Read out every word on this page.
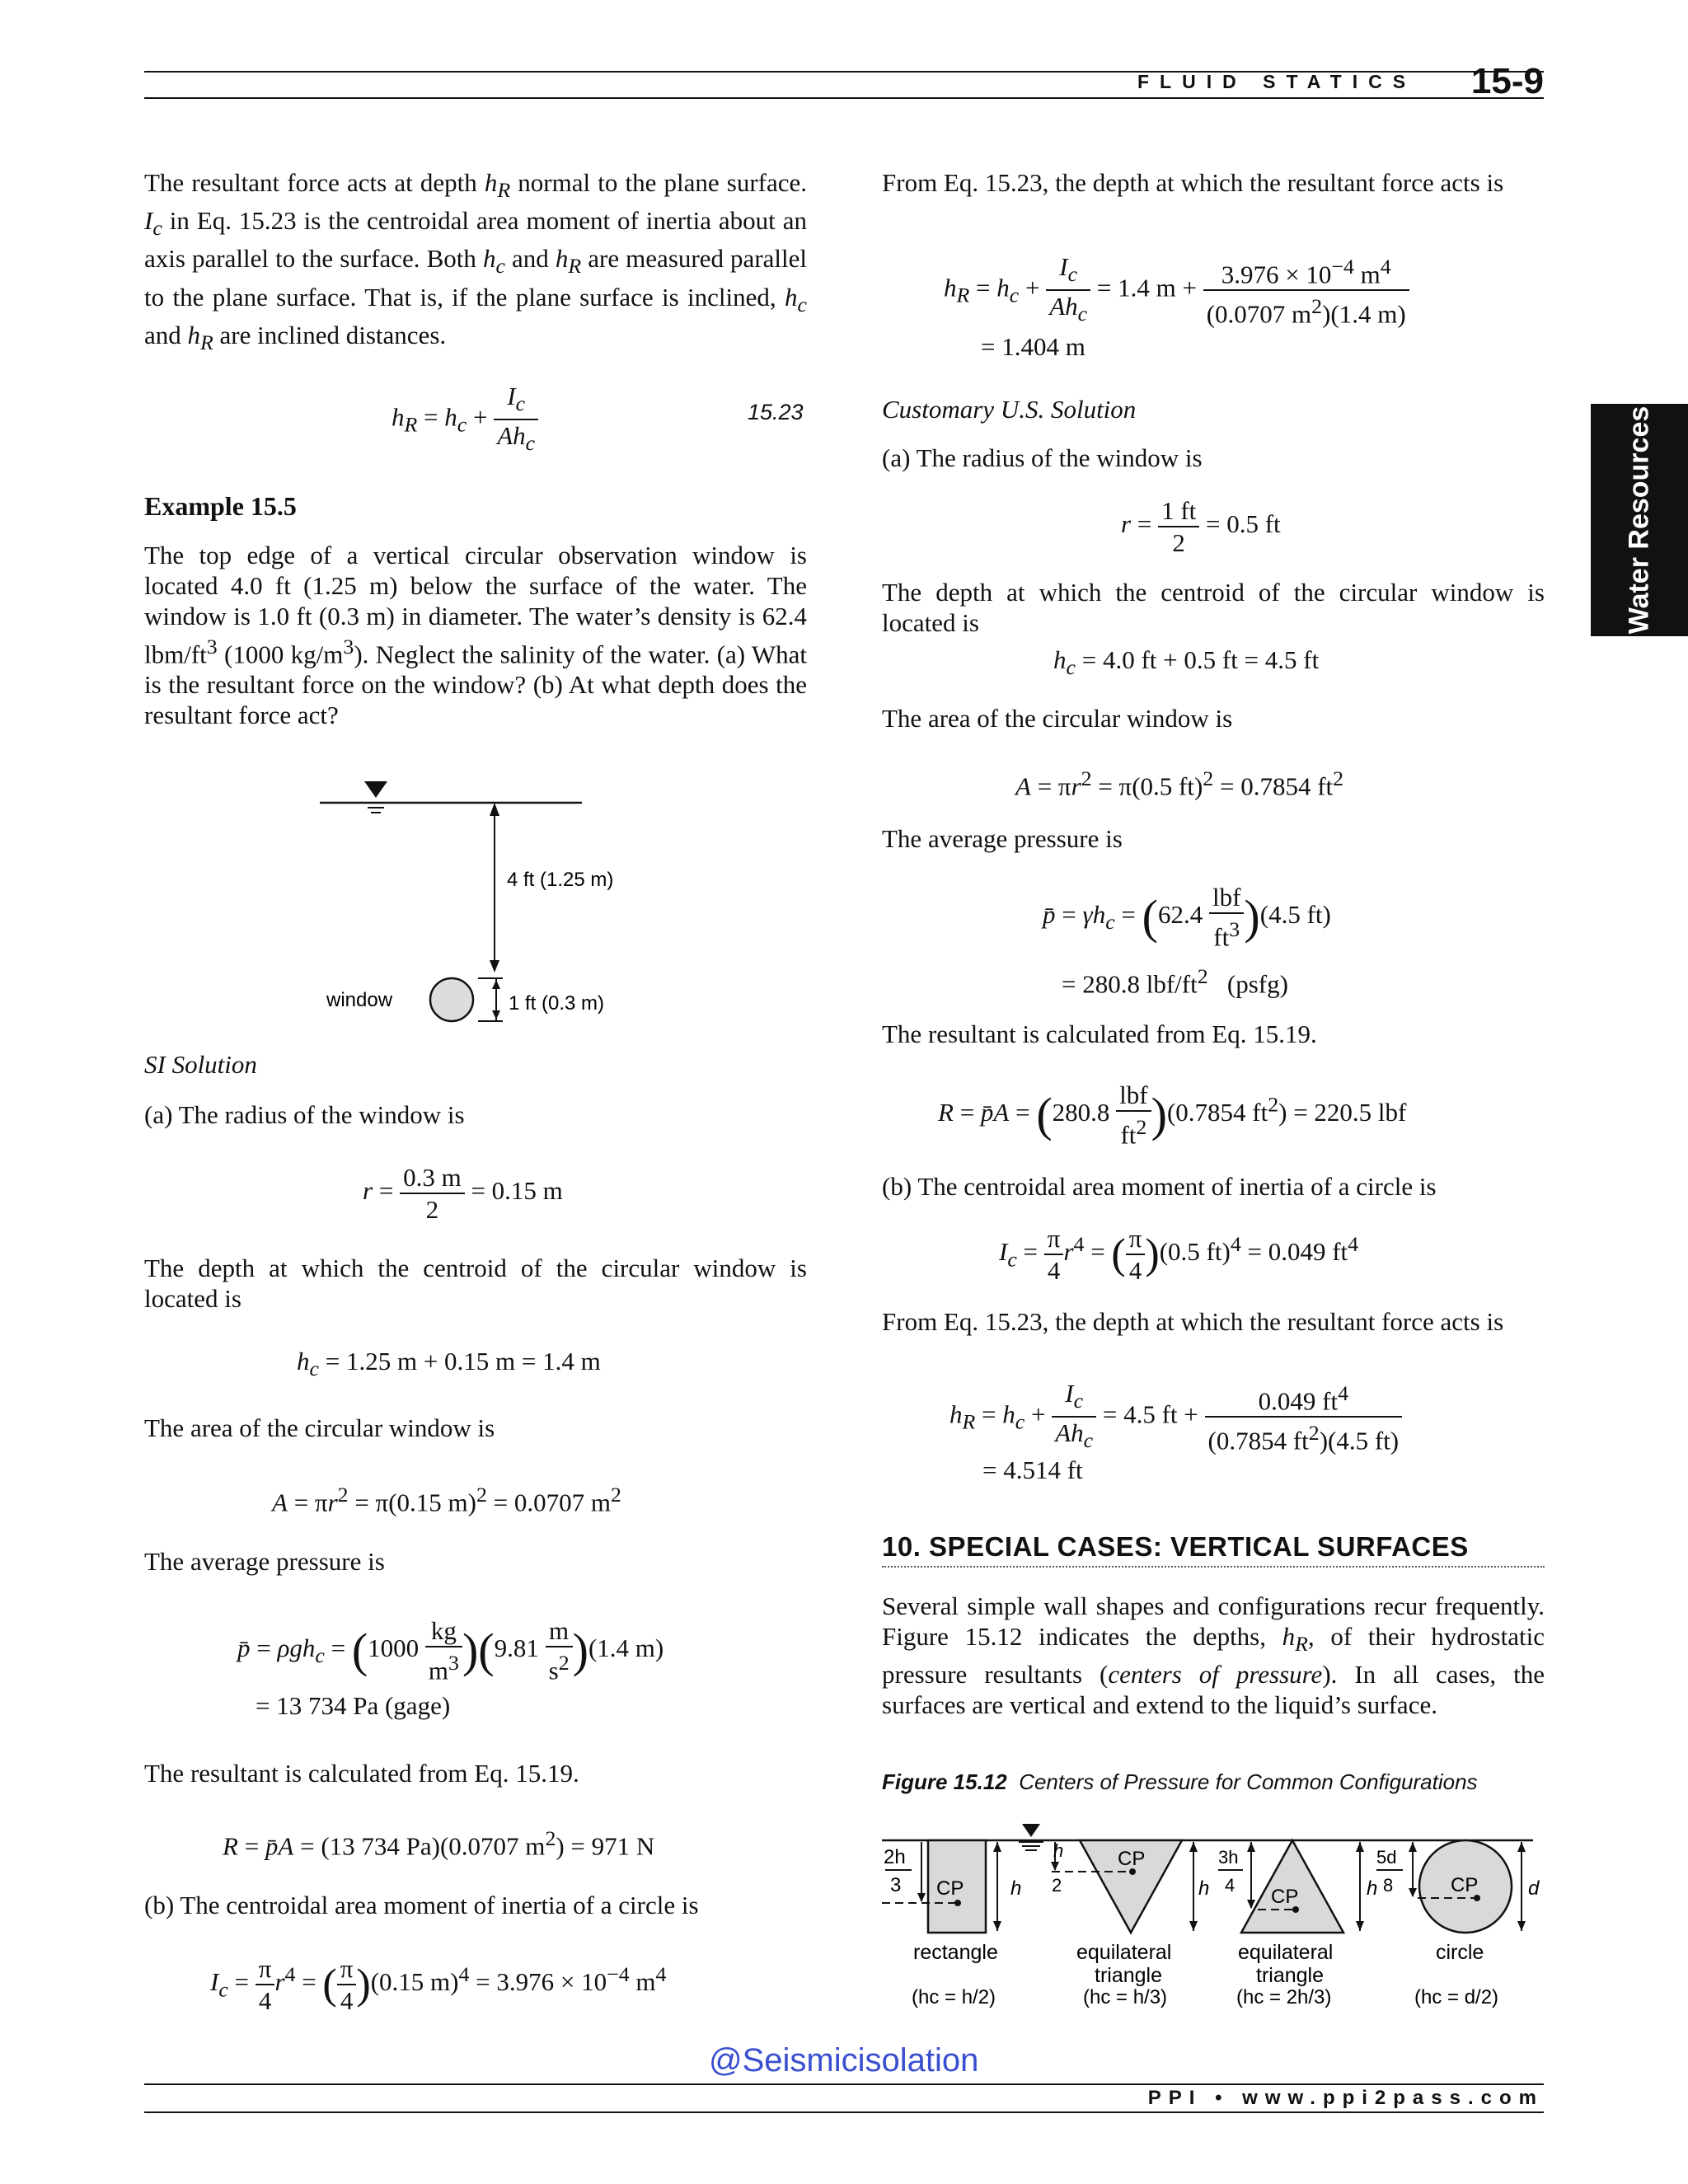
FLUID STATICS 15-9
Water Resources
The resultant force acts at depth $h_R$ normal to the plane surface. $I_c$ in Eq. 15.23 is the centroidal area moment of inertia about an axis parallel to the surface. Both $h_c$ and $h_R$ are measured parallel to the plane surface. That is, if the plane surface is inclined, $h_c$ and $h_R$ are inclined distances.
$h_R = h_c + \frac{I_c}{Ah_c}$	15.23
Example 15.5
The top edge of a vertical circular observation window is located 4.0 ft (1.25 m) below the surface of the water. The window is 1.0 ft (0.3 m) in diameter. The water’s density is 62.4 lbm/$ft^3$ (1000 $kg/m^3$). Neglect the salinity of the water. (a) What is the resultant force on the window? (b) At what depth does the resultant force act?
4 ft (1.25 m)
window	1 ft (0.3 m)
SI Solution
(a) The radius of the window is
$r = \frac{0.3 m}{2} = 0.15$ m
The depth at which the centroid of the circular window is located is
$h_c = 1.25$ m + 0.15 m = 1.4 m
The area of the circular window is
$A = \pi r^2 = \pi(0.15$ m)$^2$ = 0.0707 $m^2$
The average pressure is
p̄ = $\rho gh_c = (1000 \frac{kg}{m^3} )(9.81 \frac{m}{s^2} )(1.4$ m)
= 13 734 Pa (gage)
The resultant is calculated from Eq. 15.19.
R = p̄A = (13 734 Pa)(0.0707 $m^2) = 971$ N
(b) The centroidal area moment of inertia of a circle is
$I_c = \frac{\pi}{4} r^4$ = ( $\frac{\pi}{4} )(0.15$ $m)^4 = 3.976 \times 10^{-4}$ $m^4$
From Eq. 15.23, the depth at which the resultant force acts is
$h_R = h_c + \frac{I_c}{Ah_c} = 1.4$ $m + \frac{3.976 \times 10^{-4} m^4}{(0.0707 m^2)(1.4 m)}$
= 1.404 m
Customary U.S. Solution
(a) The radius of the window is
$r = \frac{1 ft}{2} = 0.5$ ft
The depth at which the centroid of the circular window is located is
$h_c = 4.0$ ft + 0.5 ft = 4.5 ft
The area of the circular window is
$A = \pi r^2 = \pi(0.5$ ft)$^2$ = 0.7854 $ft^2$
The average pressure is
p̄ = $\gamma h_c = (62.4 \frac{\text{lbf}}{ft^3} )(4.5$ ft)
= 280.8 lbf/$ft^2$   (psfg)
The resultant is calculated from Eq. 15.19.
R = p̄A = $(280.8 \frac{\text{lbf}}{ft^2} )(0.7854$ $ft^2) = 220.5$ lbf
(b) The centroidal area moment of inertia of a circle is
$I_c = \frac{\pi}{4} r^4$ = ( $\frac{\pi}{4} )(0.5$ ft)$^4$ = 0.049 $ft^4$
From Eq. 15.23, the depth at which the resultant force acts is
$h_R = h_c + \frac{I_c}{Ah_c} = 4.5$ ft + $\frac{0.049 ft^4}{(0.7854 ft^2)(4.5 ft)}$
= 4.514 ft
10. SPECIAL CASES: VERTICAL SURFACES
Several simple wall shapes and configurations recur frequently. Figure 15.12 indicates the depths, $h_R$, of their hydrostatic pressure resultants (centers of pressure). In all cases, the surfaces are vertical and extend to the liquid’s surface.
Figure 15.12 Centers of Pressure for Common Configurations
CP
2h
3	h
rectangle
(hc = h/2)
CP
h
2	h
equilateral
triangle
(hc = h/3)
CP
3h
4	h
equilateral
triangle
(hc = 2h/3)
CP
5d
8	d
circle
(hc = d/2)
@Seismicisolation
PPI • www.ppi2pass.com
